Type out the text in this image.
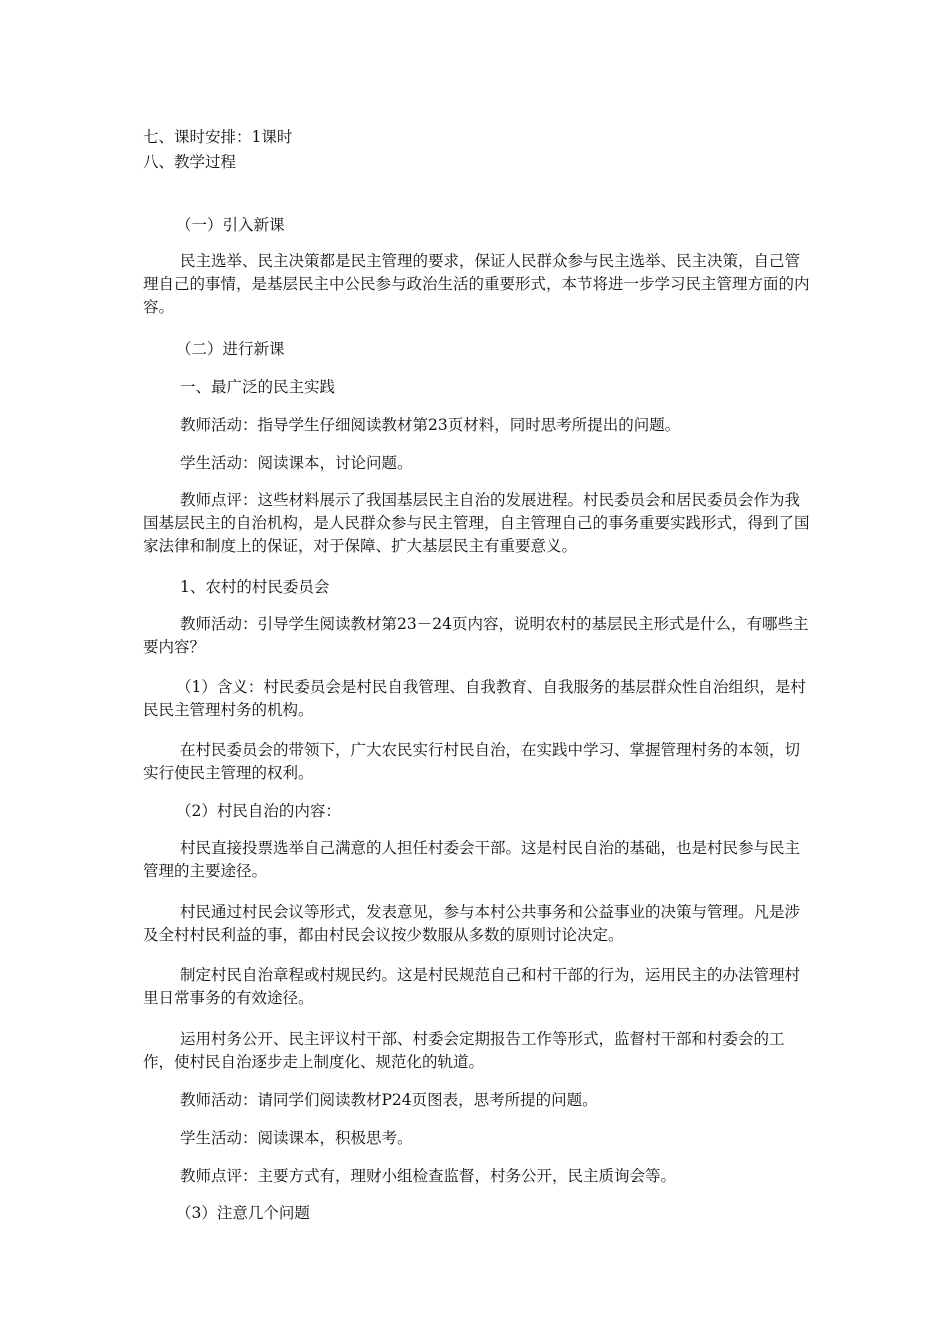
七、课时安排：1课时
八、教学过程
（一）引入新课
民主选举、民主决策都是民主管理的要求，保证人民群众参与民主选举、民主决策，自己管理自己的事情，是基层民主中公民参与政治生活的重要形式，本节将进一步学习民主管理方面的内容。
（二）进行新课
一、最广泛的民主实践
教师活动：指导学生仔细阅读教材第23页材料，同时思考所提出的问题。
学生活动：阅读课本，讨论问题。
教师点评：这些材料展示了我国基层民主自治的发展进程。村民委员会和居民委员会作为我国基层民主的自治机构，是人民群众参与民主管理，自主管理自己的事务重要实践形式，得到了国家法律和制度上的保证，对于保障、扩大基层民主有重要意义。
1、农村的村民委员会
教师活动：引导学生阅读教材第23－24页内容，说明农村的基层民主形式是什么，有哪些主要内容？
（1）含义：村民委员会是村民自我管理、自我教育、自我服务的基层群众性自治组织，是村民民主管理村务的机构。
在村民委员会的带领下，广大农民实行村民自治，在实践中学习、掌握管理村务的本领，切实行使民主管理的权利。
（2）村民自治的内容：
村民直接投票选举自己满意的人担任村委会干部。这是村民自治的基础，也是村民参与民主管理的主要途径。
村民通过村民会议等形式，发表意见，参与本村公共事务和公益事业的决策与管理。凡是涉及全村村民利益的事，都由村民会议按少数服从多数的原则讨论决定。
制定村民自治章程或村规民约。这是村民规范自己和村干部的行为，运用民主的办法管理村里日常事务的有效途径。
运用村务公开、民主评议村干部、村委会定期报告工作等形式，监督村干部和村委会的工作，使村民自治逐步走上制度化、规范化的轨道。
教师活动：请同学们阅读教材P24页图表，思考所提的问题。
学生活动：阅读课本，积极思考。
教师点评：主要方式有，理财小组检查监督，村务公开，民主质询会等。
（3）注意几个问题
